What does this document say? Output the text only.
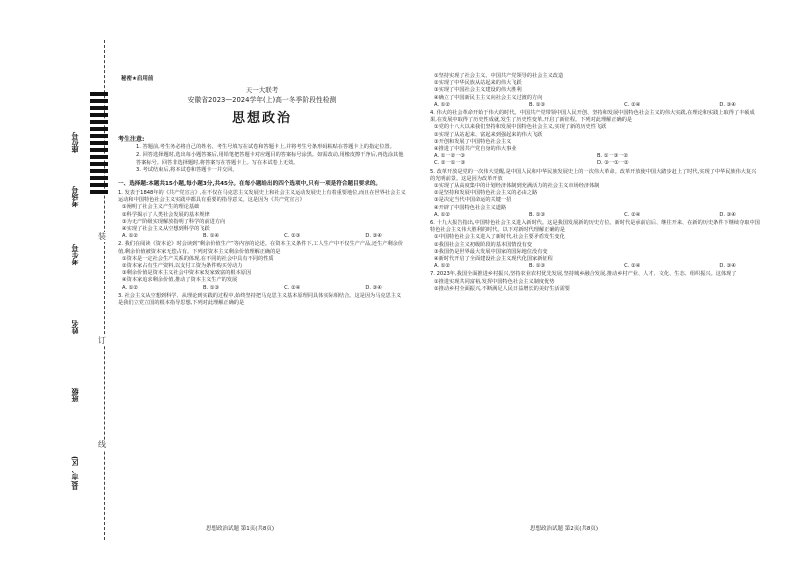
装
订
线
座位号
考场号
考生号
姓名
班级
县(市、区)
秘密★启用前
天一大联考
安徽省2023—2024学年(上)高一冬季阶段性检测
思想政治
考生注意:
1. 答题前,考生务必将自己的姓名、考生号填写在试卷和答题卡上,并将考生号条形码粘贴在答题卡上的指定位置。
2. 回答选择题时,选出每小题答案后,用铅笔把答题卡对应题目的答案标号涂黑。如需改动,用橡皮擦干净后,再选涂其他答案标号。回答非选择题时,将答案写在答题卡上。写在本试卷上无效。
3. 考试结束后,将本试卷和答题卡一并交回。
一、选择题:本题共15小题,每小题3分,共45分。在每小题给出的四个选项中,只有一项是符合题目要求的。
1. 发表于1848年的《共产党宣言》,在不仅在马克思主义发展史上和社会主义运动发展史上有着重要地位,而且在世界社会主义运动和中国特色社会主义实践中都具有重要的指导意义。这是因为《共产党宣言》
①阐明了社会主义产生的理论基础
②科学揭示了人类社会发展的基本规律
③为无产阶级实现解放指明了科学的前进方向
④实现了社会主义从空想到科学的飞跃
A. ①②	B. ①④	C. ②③	D. ③④
2. 我们在阅读《资本论》时会读到“剩余价值生产”等内容的论述。在资本主义条件下,工人生产中不仅生产产品,还生产剩余价值,剩余价值被资本家无偿占有。下列对资本主义剩余价值理解正确的是
①资本是一定社会生产关系的体现,在不同的社会中具有不同的性质
②资本家占有生产资料,以支付工资为条件购买劳动力
③剩余价值是资本主义社会中资本家发家致富的根本原因
④资本家追求剩余价值,推动了资本主义生产的发展
A. ①②	B. ①③	C. ②④	D. ③④
3. 社会主义从空想到科学、从理论到实践的过程中,始终坚持把马克思主义基本原理同具体实际相结合。这是因为马克思主义是我们立党立国的根本指导思想,下列对此理解正确的是
①坚持实现了社会主义、中国共产党领导的社会主义改造
②实现了中华民族从站起来的伟大飞跃
③实现了中国社会主义建设的伟大胜利
④确立了中国新民主主义向社会主义过渡的方向
A. ①②	B. ①③	C. ②④	D. ③④
4. 伟大的社会革命开始于伟大的时代。中国共产党带领中国人民开创、坚持和发展中国特色社会主义的伟大实践,在理论和实践上取得了丰硕成果,在发展中取得了历史性成就,发生了历史性变革,开启了新征程。下列对此理解正确的是
①党的十八大以来我们坚持和发展中国特色社会主义,实现了新的历史性飞跃
②实现了从站起来、富起来到强起来的伟大飞跃
③开创和发展了中国特色社会主义
④推进了中国共产党自身的伟大事业
A. ①一②一③	B. ①一③一②
C. ②一①一③	D. ③一①一②
5. 改革开放是党的一次伟大觉醒,是中国人民和中华民族发展史上的一次伟大革命。改革开放使中国大踏步赶上了时代,实现了中华民族伟大复兴的光明前景。这是因为改革开放
①实现了从高度集中的计划经济体制到充满活力的社会主义市场经济体制
②是坚持和发展中国特色社会主义的必由之路
③是决定当代中国命运的关键一招
④开辟了中国特色社会主义道路
A. ①②	B. ①③	C. ②④	D. ③④
6. 十九大报告指出,中国特色社会主义进入新时代。这是我国发展新的历史方位。新时代是承前启后、继往开来、在新的历史条件下继续夺取中国特色社会主义伟大胜利的时代。以下对新时代理解正确的是
①中国特色社会主义进入了新时代,社会主要矛盾发生变化
②我国社会主义初级阶段的基本国情没有变
③我国仍是世界最大发展中国家的国际地位没有变
④新时代开启了全面建设社会主义现代化国家新征程
A. ①②	B. ①③	C. ②④	D. ③④
7. 2023年,我国全面推进乡村振兴,坚持农业农村优先发展,坚持城乡融合发展,推动乡村产业、人才、文化、生态、组织振兴。这体现了
①推进实现共同富裕,发挥中国特色社会主义制度优势
②推动乡村全面振兴,不断满足人民日益增长的美好生活需要
思想政治试题 第1页(共8页)	思想政治试题 第2页(共8页)
